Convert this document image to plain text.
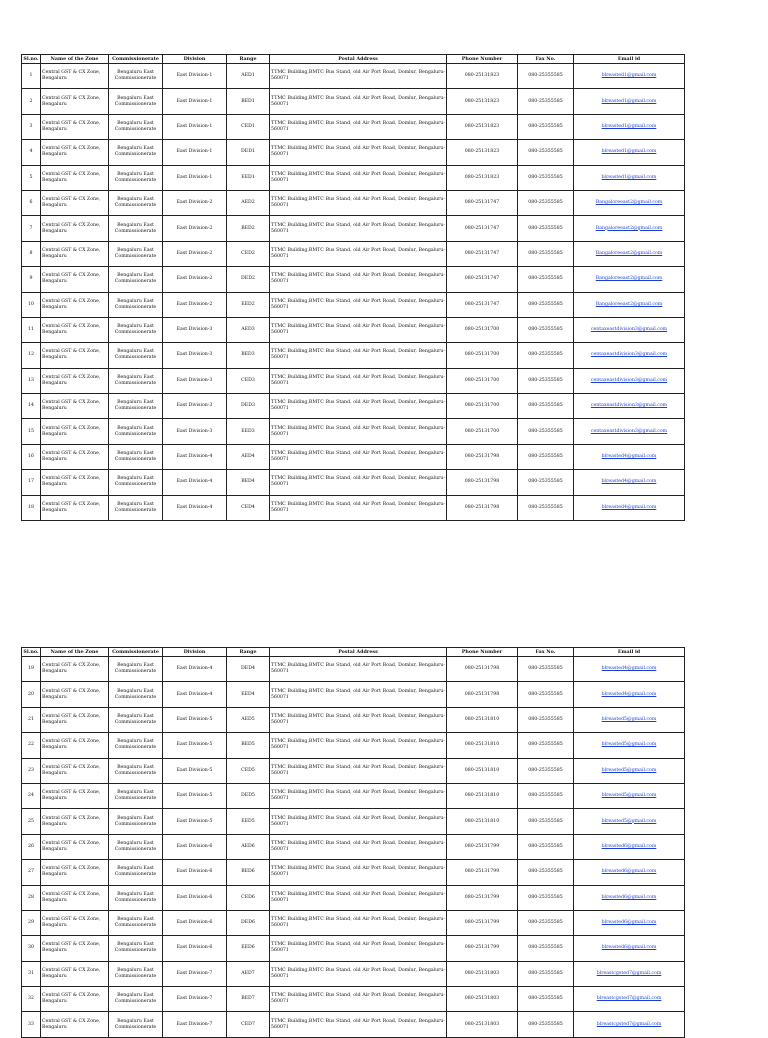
Sl.no.	Name of the Zone	Commissionerate	Division	Range	Postal Address	Phone Number	Fax No.	Email id
1	Central GST & CX Zone, Bengaluru	Bengaluru East Commissionerate	East Division-1	AED1	TTMC Building,BMTC Bus Stand, old Air Port Road, Domlur, Bengaluru-560071	080-25131823	080-25355585	blreasted1@gmail.com
2	Central GST & CX Zone, Bengaluru	Bengaluru East Commissionerate	East Division-1	BED1	TTMC Building,BMTC Bus Stand, old Air Port Road, Domlur, Bengaluru-560071	080-25131823	080-25355585	blreasted1@gmail.com
3	Central GST & CX Zone, Bengaluru	Bengaluru East Commissionerate	East Division-1	CED1	TTMC Building,BMTC Bus Stand, old Air Port Road, Domlur, Bengaluru-560071	080-25131823	080-25355585	blreasted1@gmail.com
4	Central GST & CX Zone, Bengaluru	Bengaluru East Commissionerate	East Division-1	DED1	TTMC Building,BMTC Bus Stand, old Air Port Road, Domlur, Bengaluru-560071	080-25131823	080-25355585	blreasted1@gmail.com
5	Central GST & CX Zone, Bengaluru	Bengaluru East Commissionerate	East Division-1	EED1	TTMC Building,BMTC Bus Stand, old Air Port Road, Domlur, Bengaluru-560071	080-25131823	080-25355585	blreasted1@gmail.com
6	Central GST & CX Zone, Bengaluru	Bengaluru East Commissionerate	East Division-2	AED2	TTMC Building,BMTC Bus Stand, old Air Port Road, Domlur, Bengaluru-560071	080-25131747	080-25355585	Bangaloreeast2@gmail.com
7	Central GST & CX Zone, Bengaluru	Bengaluru East Commissionerate	East Division-2	BED2	TTMC Building,BMTC Bus Stand, old Air Port Road, Domlur, Bengaluru-560071	080-25131747	080-25355585	Bangaloreeast2@gmail.com
8	Central GST & CX Zone, Bengaluru	Bengaluru East Commissionerate	East Division-2	CED2	TTMC Building,BMTC Bus Stand, old Air Port Road, Domlur, Bengaluru-560071	080-25131747	080-25355585	Bangaloreeast2@gmail.com
9	Central GST & CX Zone, Bengaluru	Bengaluru East Commissionerate	East Division-2	DED2	TTMC Building,BMTC Bus Stand, old Air Port Road, Domlur, Bengaluru-560071	080-25131747	080-25355585	Bangaloreeast2@gmail.com
10	Central GST & CX Zone, Bengaluru	Bengaluru East Commissionerate	East Division-2	EED2	TTMC Building,BMTC Bus Stand, old Air Port Road, Domlur, Bengaluru-560071	080-25131747	080-25355585	Bangaloreeast2@gmail.com
11	Central GST & CX Zone, Bengaluru	Bengaluru East Commissionerate	East Division-3	AED3	TTMC Building,BMTC Bus Stand, old Air Port Road, Domlur, Bengaluru-560071	080-25131700	080-25355585	centaxeastdivision3@gmail.com
12	Central GST & CX Zone, Bengaluru	Bengaluru East Commissionerate	East Division-3	BED3	TTMC Building,BMTC Bus Stand, old Air Port Road, Domlur, Bengaluru-560071	080-25131700	080-25355585	centaxeastdivision3@gmail.com
13	Central GST & CX Zone, Bengaluru	Bengaluru East Commissionerate	East Division-3	CED3	TTMC Building,BMTC Bus Stand, old Air Port Road, Domlur, Bengaluru-560071	080-25131700	080-25355585	centaxeastdivision3@gmail.com
14	Central GST & CX Zone, Bengaluru	Bengaluru East Commissionerate	East Division-3	DED3	TTMC Building,BMTC Bus Stand, old Air Port Road, Domlur, Bengaluru-560071	080-25131700	080-25355585	centaxeastdivision3@gmail.com
15	Central GST & CX Zone, Bengaluru	Bengaluru East Commissionerate	East Division-3	EED3	TTMC Building,BMTC Bus Stand, old Air Port Road, Domlur, Bengaluru-560071	080-25131700	080-25355585	centaxeastdivision3@gmail.com
16	Central GST & CX Zone, Bengaluru	Bengaluru East Commissionerate	East Division-4	AED4	TTMC Building,BMTC Bus Stand, old Air Port Road, Domlur, Bengaluru-560071	080-25131798	080-25355585	blreasted4@gmail.com
17	Central GST & CX Zone, Bengaluru	Bengaluru East Commissionerate	East Division-4	BED4	TTMC Building,BMTC Bus Stand, old Air Port Road, Domlur, Bengaluru-560071	080-25131798	080-25355585	blreasted4@gmail.com
18	Central GST & CX Zone, Bengaluru	Bengaluru East Commissionerate	East Division-4	CED4	TTMC Building,BMTC Bus Stand, old Air Port Road, Domlur, Bengaluru-560071	080-25131798	080-25355585	blreasted4@gmail.com
Sl.no.	Name of the Zone	Commissionerate	Division	Range	Postal Address	Phone Number	Fax No.	Email id
19	Central GST & CX Zone, Bengaluru	Bengaluru East Commissionerate	East Division-4	DED4	TTMC Building,BMTC Bus Stand, old Air Port Road, Domlur, Bengaluru-560071	080-25131798	080-25355585	blreasted4@gmail.com
20	Central GST & CX Zone, Bengaluru	Bengaluru East Commissionerate	East Division-4	EED4	TTMC Building,BMTC Bus Stand, old Air Port Road, Domlur, Bengaluru-560071	080-25131798	080-25355585	blreasted4@gmail.com
21	Central GST & CX Zone, Bengaluru	Bengaluru East Commissionerate	East Division-5	AED5	TTMC Building,BMTC Bus Stand, old Air Port Road, Domlur, Bengaluru-560071	080-25131810	080-25355585	blreasted5@gmail.com
22	Central GST & CX Zone, Bengaluru	Bengaluru East Commissionerate	East Division-5	BED5	TTMC Building,BMTC Bus Stand, old Air Port Road, Domlur, Bengaluru-560071	080-25131810	080-25355585	blreasted5@gmail.com
23	Central GST & CX Zone, Bengaluru	Bengaluru East Commissionerate	East Division-5	CED5	TTMC Building,BMTC Bus Stand, old Air Port Road, Domlur, Bengaluru-560071	080-25131810	080-25355585	blreasted5@gmail.com
24	Central GST & CX Zone, Bengaluru	Bengaluru East Commissionerate	East Division-5	DED5	TTMC Building,BMTC Bus Stand, old Air Port Road, Domlur, Bengaluru-560071	080-25131810	080-25355585	blreasted5@gmail.com
25	Central GST & CX Zone, Bengaluru	Bengaluru East Commissionerate	East Division-5	EED5	TTMC Building,BMTC Bus Stand, old Air Port Road, Domlur, Bengaluru-560071	080-25131810	080-25355585	blreasted5@gmail.com
26	Central GST & CX Zone, Bengaluru	Bengaluru East Commissionerate	East Division-6	AED6	TTMC Building,BMTC Bus Stand, old Air Port Road, Domlur, Bengaluru-560071	080-25131799	080-25355585	blreasted6@gmail.com
27	Central GST & CX Zone, Bengaluru	Bengaluru East Commissionerate	East Division-6	BED6	TTMC Building,BMTC Bus Stand, old Air Port Road, Domlur, Bengaluru-560071	080-25131799	080-25355585	blreasted6@gmail.com
28	Central GST & CX Zone, Bengaluru	Bengaluru East Commissionerate	East Division-6	CED6	TTMC Building,BMTC Bus Stand, old Air Port Road, Domlur, Bengaluru-560071	080-25131799	080-25355585	blreasted6@gmail.com
29	Central GST & CX Zone, Bengaluru	Bengaluru East Commissionerate	East Division-6	DED6	TTMC Building,BMTC Bus Stand, old Air Port Road, Domlur, Bengaluru-560071	080-25131799	080-25355585	blreasted6@gmail.com
30	Central GST & CX Zone, Bengaluru	Bengaluru East Commissionerate	East Division-6	EED6	TTMC Building,BMTC Bus Stand, old Air Port Road, Domlur, Bengaluru-560071	080-25131799	080-25355585	blreasted6@gmail.com
31	Central GST & CX Zone, Bengaluru	Bengaluru East Commissionerate	East Division-7	AED7	TTMC Building,BMTC Bus Stand, old Air Port Road, Domlur, Bengaluru-560071	080-25131803	080-25355585	blreastcgsted7@gmail.com
32	Central GST & CX Zone, Bengaluru	Bengaluru East Commissionerate	East Division-7	BED7	TTMC Building,BMTC Bus Stand, old Air Port Road, Domlur, Bengaluru-560071	080-25131803	080-25355585	blreastcgsted7@gmail.com
33	Central GST & CX Zone, Bengaluru	Bengaluru East Commissionerate	East Division-7	CED7	TTMC Building,BMTC Bus Stand, old Air Port Road, Domlur, Bengaluru-560071	080-25131803	080-25355585	blreastcgsted7@gmail.com
